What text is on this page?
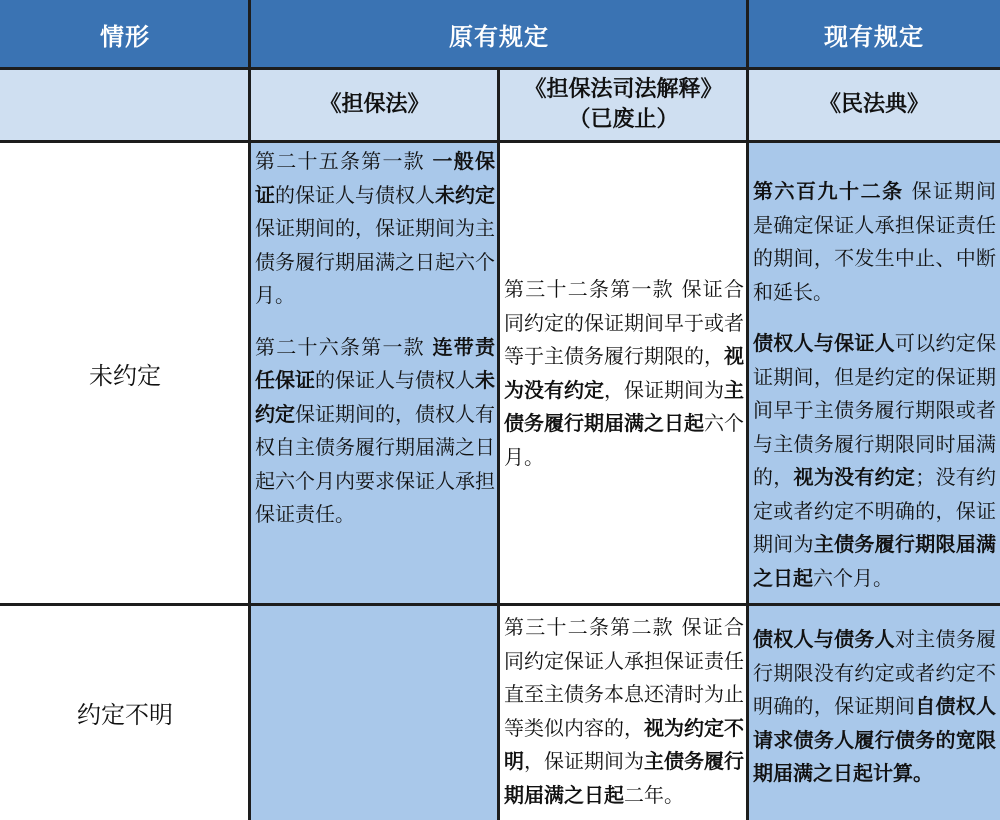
情形	原有规定	现有规定
《担保法》
《担保法司法解释》
（已废止）
《民法典》
未约定

第二十五条第一款 一般保证的保证人与债权人未约定保证期间的，保证期间为主债务履行期届满之日起六个月。

第二十六条第一款 连带责任保证的保证人与债权人未约定保证期间的，债权人有权自主债务履行期届满之日起六个月内要求保证人承担保证责任。

第三十二条第一款 保证合同约定的保证期间早于或者等于主债务履行期限的，视为没有约定，保证期间为主债务履行期届满之日起六个月。

第六百九十二条 保证期间是确定保证人承担保证责任的期间，不发生中止、中断和延长。

债权人与保证人可以约定保证期间，但是约定的保证期间早于主债务履行期限或者与主债务履行期限同时届满的，视为没有约定；没有约定或者约定不明确的，保证期间为主债务履行期限届满之日起六个月。

约定不明

第三十二条第二款 保证合同约定保证人承担保证责任直至主债务本息还清时为止等类似内容的，视为约定不明，保证期间为主债务履行期届满之日起二年。

债权人与债务人对主债务履行期限没有约定或者约定不明确的，保证期间自债权人请求债务人履行债务的宽限期届满之日起计算。
